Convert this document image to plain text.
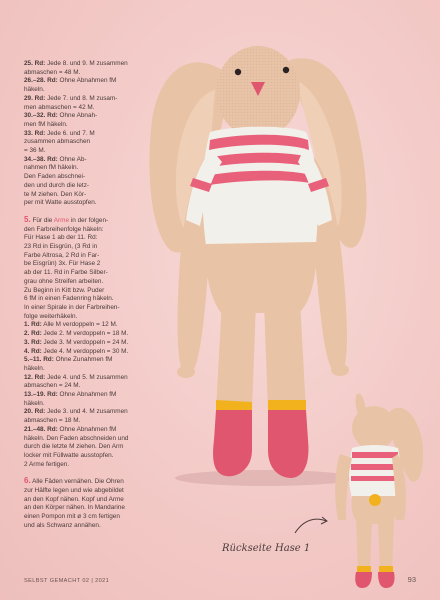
25. Rd: Jede 8. und 9. M zusammen
abmaschen = 48 M.
26.–28. Rd: Ohne Abnahmen fM
häkeln.
29. Rd: Jede 7. und 8. M zusam-
men abmaschen = 42 M.
30.–32. Rd: Ohne Abnah-
men fM häkeln.
33. Rd: Jede 6. und 7. M
zusammen abmaschen
= 36 M.
34.–38. Rd: Ohne Ab-
nahmen fM häkeln.
Den Faden abschnei-
den und durch die letz-
te M ziehen. Den Kör-
per mit Watte ausstopfen.
5. Für die Arme in der folgen-
den Farbreihenfolge häkeln:
Für Hase 1 ab der 11. Rd:
23 Rd in Eisgrün, (3 Rd in
Farbe Altrosa, 2 Rd in Far-
be Eisgrün) 3x. Für Hase 2
ab der 11. Rd in Farbe Silber-
grau ohne Streifen arbeiten.
Zu Beginn in Kitt bzw. Puder
6 fM in einen Fadenring häkeln.
In einer Spirale in der Farbreihen-
folge weiterhäkeln.
1. Rd: Alle M verdoppeln = 12 M.
2. Rd: Jede 2. M verdoppeln = 18 M.
3. Rd: Jede 3. M verdoppeln = 24 M.
4. Rd: Jede 4. M verdoppeln = 30 M.
5.–11. Rd: Ohne Zunahmen fM
häkeln.
12. Rd: Jede 4. und 5. M zusammen
abmaschen = 24 M.
13.–19. Rd: Ohne Abnahmen fM
häkeln.
20. Rd: Jede 3. und 4. M zusammen
abmaschen = 18 M.
21.–48. Rd: Ohne Abnahmen fM
häkeln. Den Faden abschneiden und
durch die letzte M ziehen. Den Arm
locker mit Füllwatte ausstopfen.
2 Arme fertigen.
6. Alle Fäden vernähen. Die Ohren
zur Hälfte legen und wie abgebildet
an den Kopf nähen. Kopf und Arme
an den Körper nähen. In Mandarine
einen Pompon mit ø 3 cm fertigen
und als Schwanz annähen.
Rückseite Hase 1
SELBST GEMACHT 02 | 2021	93
